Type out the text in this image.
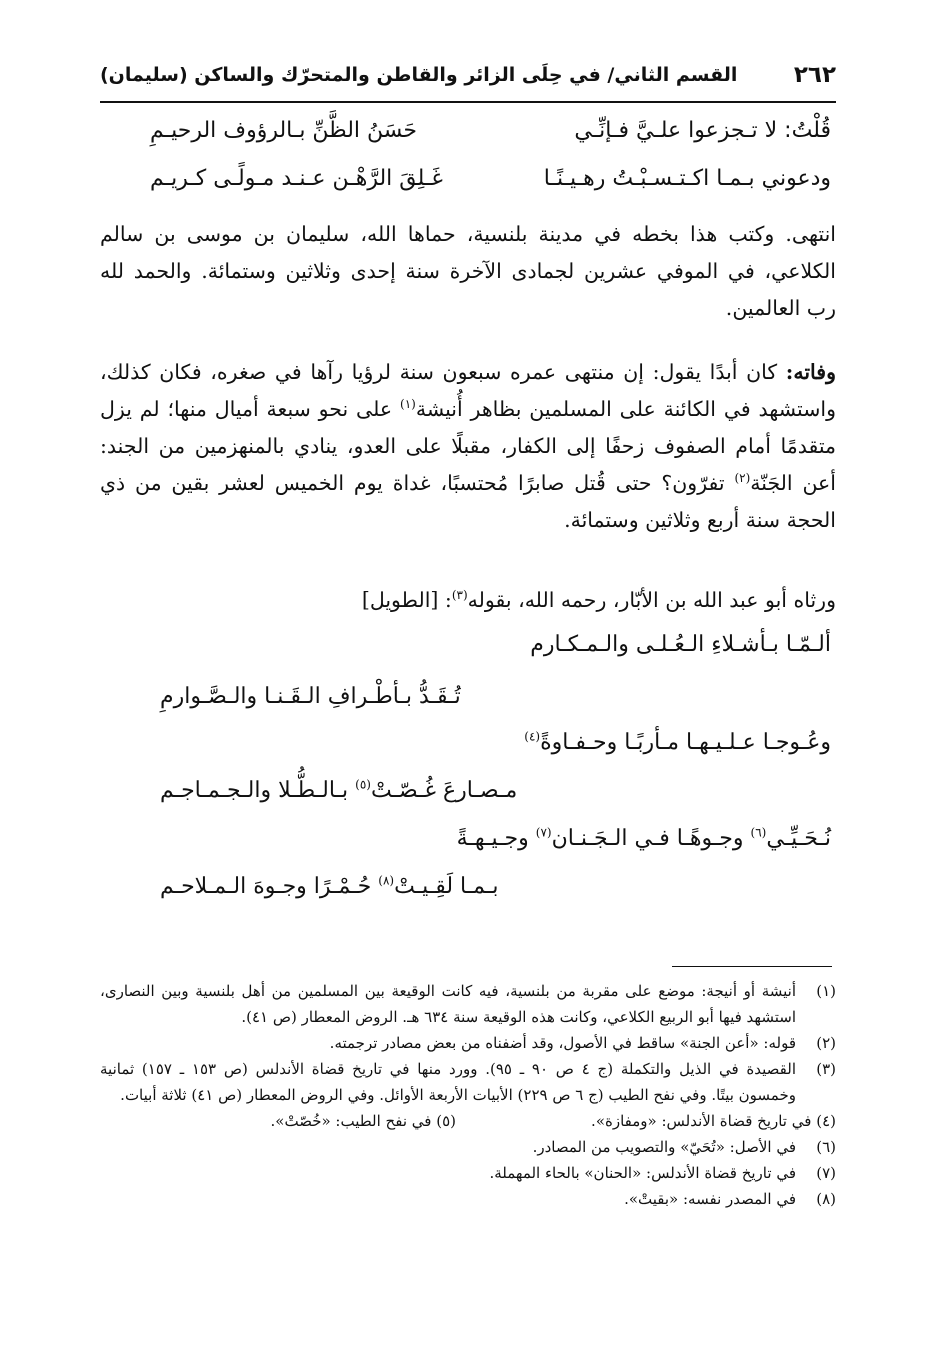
٢٦٢
القسم الثاني/ في حِلَى الزائر والقاطن والمتحرّك والساكن (سليمان)
قُلْتُ: لا تـجزعوا علـيَّ فـإنِّـي
حَسَنُ الظَّنِّ بـالرؤوف الرحيـمِ
ودعوني بـمـا اكـتـسـبْـتُ رهـيـنًـا
غَـلِقَ الرَّهْـن عـنـد مـولًـى كـريـم
انتهى. وكتب هذا بخطه في مدينة بلنسية، حماها الله، سليمان بن موسى بن سالم الكلاعي، في الموفي عشرين لجمادى الآخرة سنة إحدى وثلاثين وستمائة. والحمد لله رب العالمين.
وفاته: كان أبدًا يقول: إن منتهى عمره سبعون سنة لرؤيا رآها في صغره، فكان كذلك، واستشهد في الكائنة على المسلمين بظاهر أُنيشة$^{(١)}$ على نحو سبعة أميال منها؛ لم يزل متقدمًا أمام الصفوف زحفًا إلى الكفار، مقبلًا على العدو، ينادي بالمنهزمين من الجند: أعن الجَنّة$^{(٢)}$ تفرّون؟ حتى قُتل صابرًا مُحتسبًا، غداة يوم الخميس لعشر بقين من ذي الحجة سنة أربع وثلاثين وستمائة.
ورثاه أبو عبد الله بن الأبّار، رحمه الله، بقوله$^{(٣)}$: [الطويل]
ألـمّـا بـأشـلاءِ الـعُـلـى والـمـكـارم
تُـقَـدُّ بـأطْـرافِ الـقَـنـا والـصَّـوارمِ
وعُـوجـا عـلـيـهـا مـأربًـا وحـفـاوةً$^{(٤)}$
مـصـارعَ غُـصّـتْ$^{(٥)}$ بـالـطُّـلا والـجـمـاجـم
نُـحَـيِّـي$^{(٦)}$ وجـوهًـا فـي الـجَـنـان$^{(٧)}$ وجـيـهـةً
بـمـا لَقِـيـتْ$^{(٨)}$ حُـمْـرًا وجـوهَ الـمـلاحـم
(١)
أنيشة أو أنيجة: موضع على مقربة من بلنسية، فيه كانت الوقيعة بين المسلمين من أهل بلنسية وبين النصارى، استشهد فيها أبو الربيع الكلاعي، وكانت هذه الوقيعة سنة ٦٣٤ هـ. الروض المعطار (ص ٤١).
(٢)
قوله: «أعن الجنة» ساقط في الأصول، وقد أضفناه من بعض مصادر ترجمته.
(٣)
القصيدة في الذيل والتكملة (ج ٤ ص ٩٠ ـ ٩٥). وورد منها في تاريخ قضاة الأندلس (ص ١٥٣ ـ ١٥٧) ثمانية وخمسون بيتًا. وفي نفح الطيب (ج ٦ ص ٢٢٩) الأبيات الأربعة الأوائل. وفي الروض المعطار (ص ٤١) ثلاثة أبيات.
(٤) في تاريخ قضاة الأندلس: «ومفازة».
(٥) في نفح الطيب: «خُصّتْ».
(٦)
في الأصل: «تُحَيّ» والتصويب من المصادر.
(٧)
في تاريخ قضاة الأندلس: «الحنان» بالحاء المهملة.
(٨)
في المصدر نفسه: «بقيتْ».
